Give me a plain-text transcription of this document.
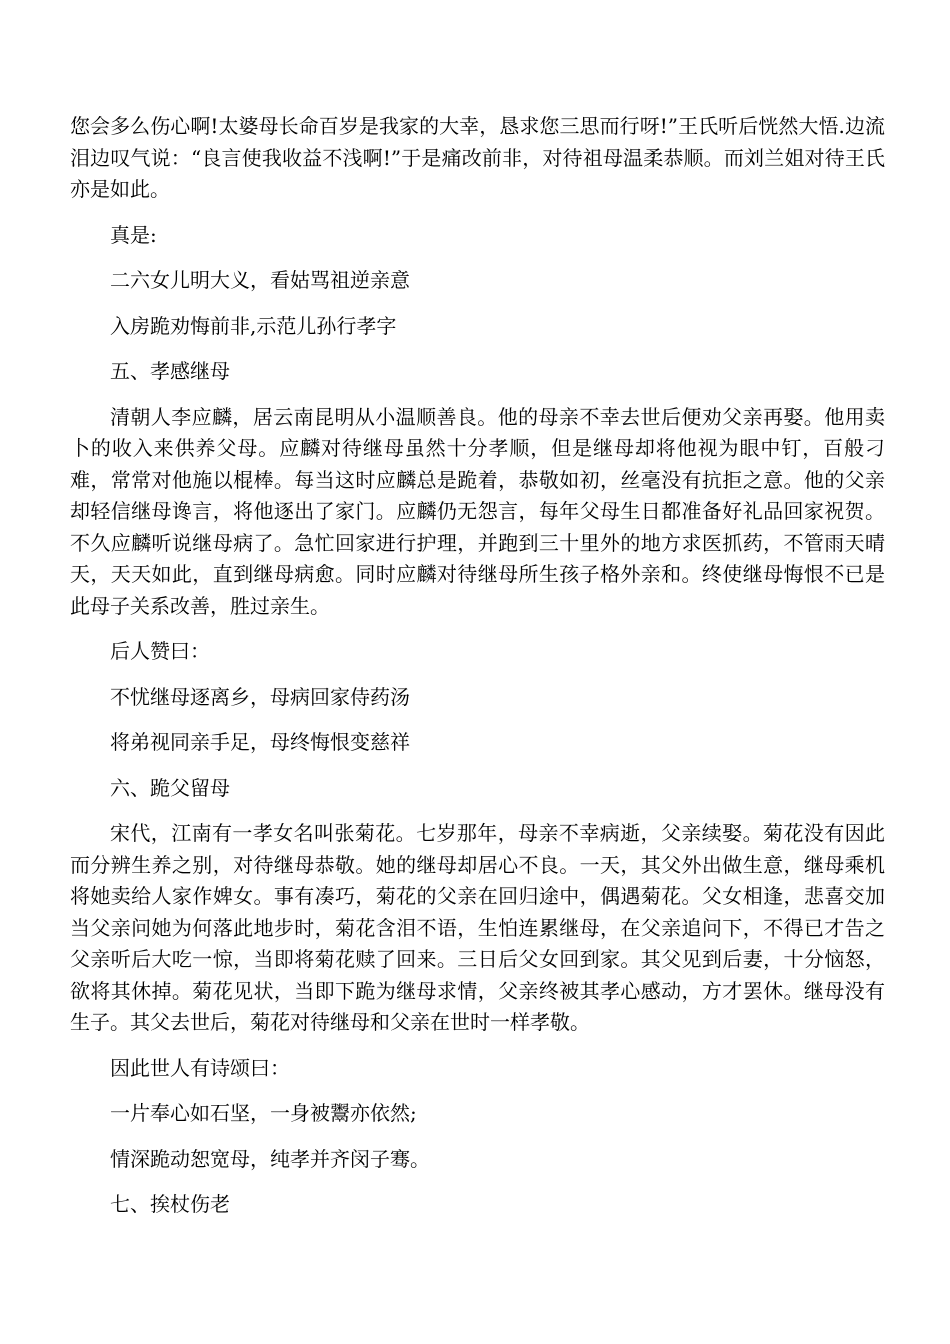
您会多么伤心啊!太婆母长命百岁是我家的大幸，恳求您三思而行呀!”王氏听后恍然大悟.边流泪边叹气说：“良言使我收益不浅啊!”于是痛改前非，对待祖母温柔恭顺。而刘兰姐对待王氏亦是如此。

真是:

二六女儿明大义，看姑骂祖逆亲意

入房跪劝悔前非,示范儿孙行孝字

五、孝感继母

清朝人李应麟，居云南昆明从小温顺善良。他的母亲不幸去世后便劝父亲再娶。他用卖卜的收入来供养父母。应麟对待继母虽然十分孝顺，但是继母却将他视为眼中钉，百般刁难，常常对他施以棍棒。每当这时应麟总是跪着，恭敬如初，丝毫没有抗拒之意。他的父亲却轻信继母谗言，将他逐出了家门。应麟仍无怨言，每年父母生日都准备好礼品回家祝贺。不久应麟听说继母病了。急忙回家进行护理，并跑到三十里外的地方求医抓药，不管雨天晴天，天天如此，直到继母病愈。同时应麟对待继母所生孩子格外亲和。终使继母悔恨不已是此母子关系改善，胜过亲生。

后人赞曰：

不忧继母逐离乡，母病回家侍药汤

将弟视同亲手足，母终悔恨变慈祥

六、跪父留母

宋代，江南有一孝女名叫张菊花。七岁那年，母亲不幸病逝，父亲续娶。菊花没有因此而分辨生养之别，对待继母恭敬。她的继母却居心不良。一天，其父外出做生意，继母乘机将她卖给人家作婢女。事有凑巧，菊花的父亲在回归途中，偶遇菊花。父女相逢，悲喜交加当父亲问她为何落此地步时，菊花含泪不语，生怕连累继母，在父亲追问下，不得已才告之父亲听后大吃一惊，当即将菊花赎了回来。三日后父女回到家。其父见到后妻，十分恼怒，欲将其休掉。菊花见状，当即下跪为继母求情，父亲终被其孝心感动，方才罢休。继母没有生子。其父去世后，菊花对待继母和父亲在世时一样孝敬。

因此世人有诗颂曰：

一片奉心如石坚，一身被鬻亦依然;

情深跪动恕宽母，纯孝并齐闵子骞。

七、挨杖伤老
